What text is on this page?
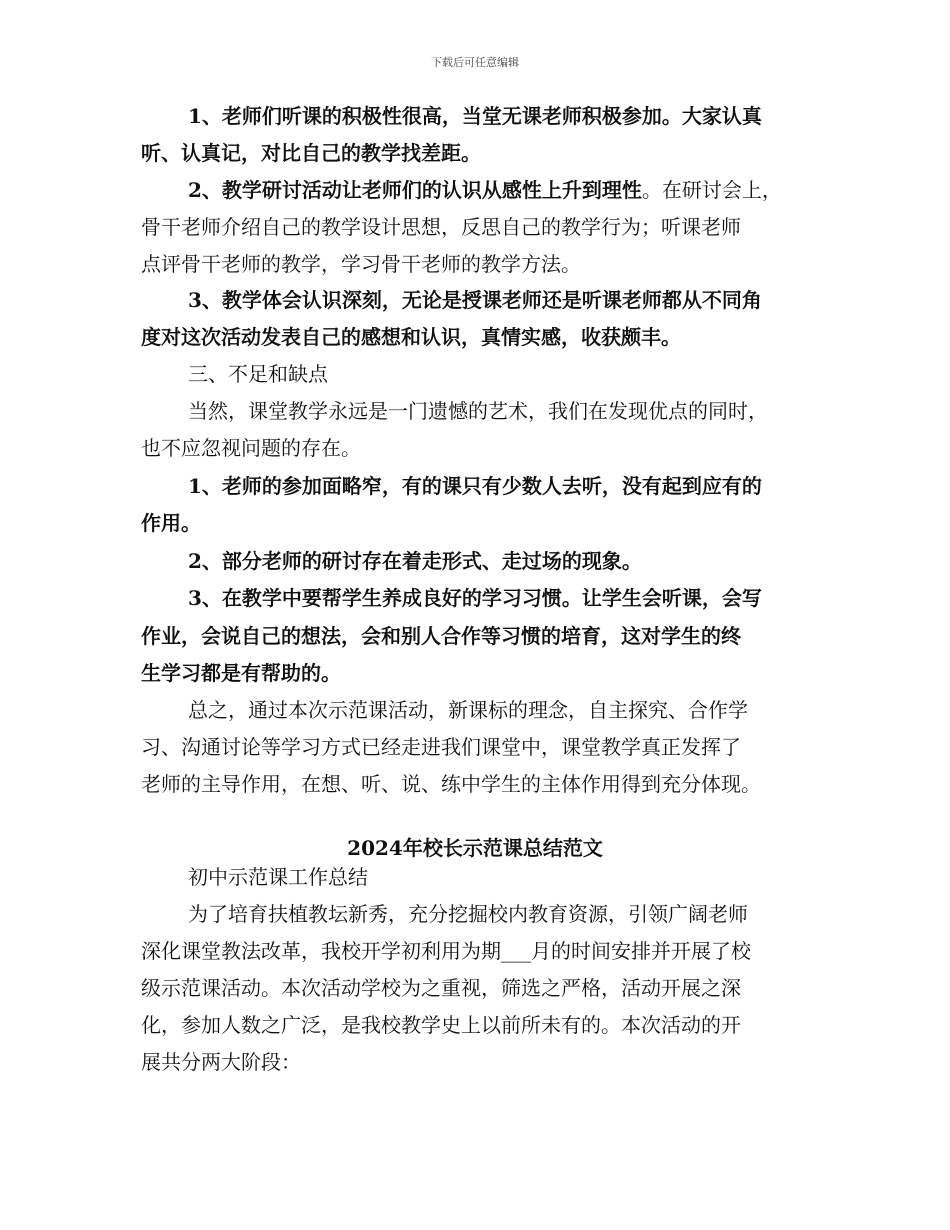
下载后可任意编辑
1、老师们听课的积极性很高，当堂无课老师积极参加。大家认真
听、认真记，对比自己的教学找差距。
2、教学研讨活动让老师们的认识从感性上升到理性。在研讨会上，
骨干老师介绍自己的教学设计思想，反思自己的教学行为；听课老师
点评骨干老师的教学，学习骨干老师的教学方法。
3、教学体会认识深刻，无论是授课老师还是听课老师都从不同角
度对这次活动发表自己的感想和认识，真情实感，收获颇丰。
三、不足和缺点
当然，课堂教学永远是一门遗憾的艺术，我们在发现优点的同时，
也不应忽视问题的存在。
1、老师的参加面略窄，有的课只有少数人去听，没有起到应有的
作用。
2、部分老师的研讨存在着走形式、走过场的现象。
3、在教学中要帮学生养成良好的学习习惯。让学生会听课，会写
作业，会说自己的想法，会和别人合作等习惯的培育，这对学生的终
生学习都是有帮助的。
总之，通过本次示范课活动，新课标的理念，自主探究、合作学
习、沟通讨论等学习方式已经走进我们课堂中，课堂教学真正发挥了
老师的主导作用，在想、听、说、练中学生的主体作用得到充分体现。
2024年校长示范课总结范文
初中示范课工作总结
为了培育扶植教坛新秀，充分挖掘校内教育资源，引领广阔老师
深化课堂教法改革，我校开学初利用为期___月的时间安排并开展了校
级示范课活动。本次活动学校为之重视，筛选之严格，活动开展之深
化，参加人数之广泛，是我校教学史上以前所未有的。本次活动的开
展共分两大阶段：
